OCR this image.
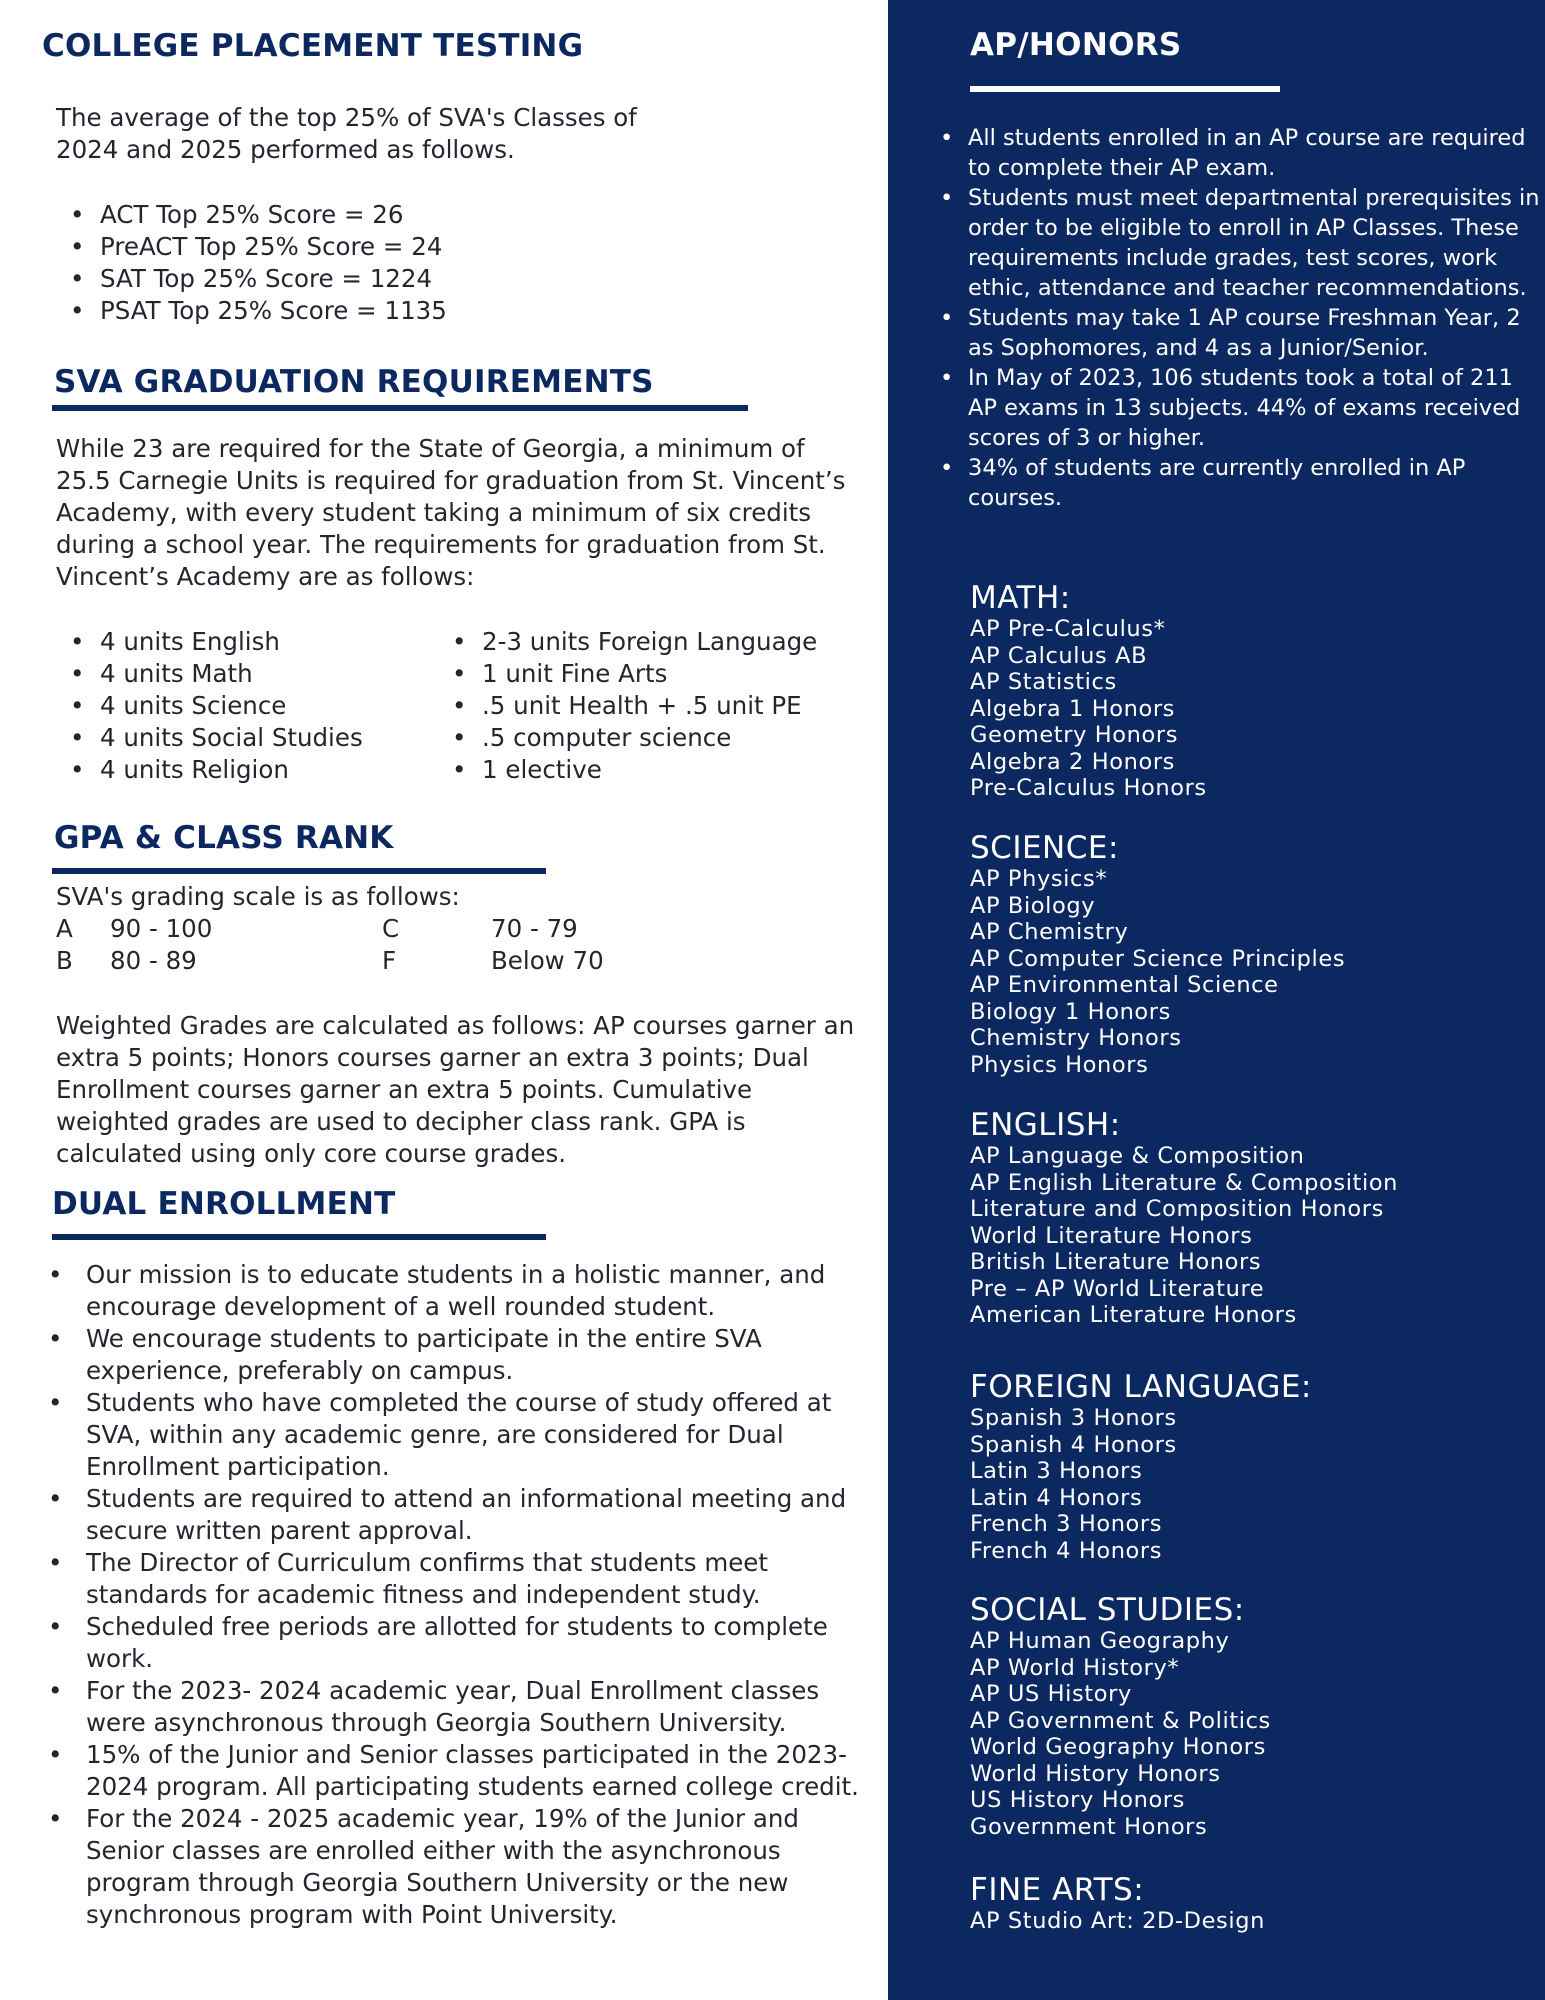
COLLEGE PLACEMENT TESTING
The average of the top 25% of SVA's Classes of 2024 and 2025 performed as follows.
• ACT Top 25% Score = 26
• PreACT Top 25% Score = 24
• SAT Top 25% Score = 1224
• PSAT Top 25% Score = 1135
SVA GRADUATION REQUIREMENTS
While 23 are required for the State of Georgia, a minimum of 25.5 Carnegie Units is required for graduation from St. Vincent’s Academy, with every student taking a minimum of six credits during a school year. The requirements for graduation from St. Vincent’s Academy are as follows:
• 4 units English
• 4 units Math
• 4 units Science
• 4 units Social Studies
• 4 units Religion
• 2-3 units Foreign Language
• 1 unit Fine Arts
• .5 unit Health + .5 unit PE
• .5 computer science
• 1 elective
GPA & CLASS RANK
SVA's grading scale is as follows:
A 90 - 100
B 80 - 89
C	70 - 79
F	Below 70
Weighted Grades are calculated as follows: AP courses garner an extra 5 points; Honors courses garner an extra 3 points; Dual Enrollment courses garner an extra 5 points. Cumulative weighted grades are used to decipher class rank. GPA is calculated using only core course grades.
DUAL ENROLLMENT
• Our mission is to educate students in a holistic manner, and encourage development of a well rounded student.
• We encourage students to participate in the entire SVA experience, preferably on campus.
• Students who have completed the course of study offered at SVA, within any academic genre, are considered for Dual Enrollment participation.
• Students are required to attend an informational meeting and secure written parent approval.
• The Director of Curriculum confirms that students meet standards for academic fitness and independent study.
• Scheduled free periods are allotted for students to complete work.
• For the 2023- 2024 academic year, Dual Enrollment classes were asynchronous through Georgia Southern University.
• 15% of the Junior and Senior classes participated in the 2023- 2024 program. All participating students earned college credit.
• For the 2024 - 2025 academic year, 19% of the Junior and Senior classes are enrolled either with the asynchronous program through Georgia Southern University or the new synchronous program with Point University.
AP/HONORS
• All students enrolled in an AP course are required to complete their AP exam.
• Students must meet departmental prerequisites in order to be eligible to enroll in AP Classes. These requirements include grades, test scores, work ethic, attendance and teacher recommendations.
• Students may take 1 AP course Freshman Year, 2 as Sophomores, and 4 as a Junior/Senior.
• In May of 2023, 106 students took a total of 211 AP exams in 13 subjects. 44% of exams received scores of 3 or higher.
• 34% of students are currently enrolled in AP courses.
MATH:
AP Pre-Calculus*
AP Calculus AB
AP Statistics
Algebra 1 Honors
Geometry Honors
Algebra 2 Honors
Pre-Calculus Honors
SCIENCE:
AP Physics*
AP Biology
AP Chemistry
AP Computer Science Principles
AP Environmental Science
Biology 1 Honors
Chemistry Honors
Physics Honors
ENGLISH:
AP Language & Composition
AP English Literature & Composition
Literature and Composition Honors
World Literature Honors
British Literature Honors
Pre – AP World Literature
American Literature Honors
FOREIGN LANGUAGE:
Spanish 3 Honors
Spanish 4 Honors
Latin 3 Honors
Latin 4 Honors
French 3 Honors
French 4 Honors
SOCIAL STUDIES:
AP Human Geography
AP World History*
AP US History
AP Government & Politics
World Geography Honors
World History Honors
US History Honors
Government Honors
FINE ARTS:
AP Studio Art: 2D-Design
